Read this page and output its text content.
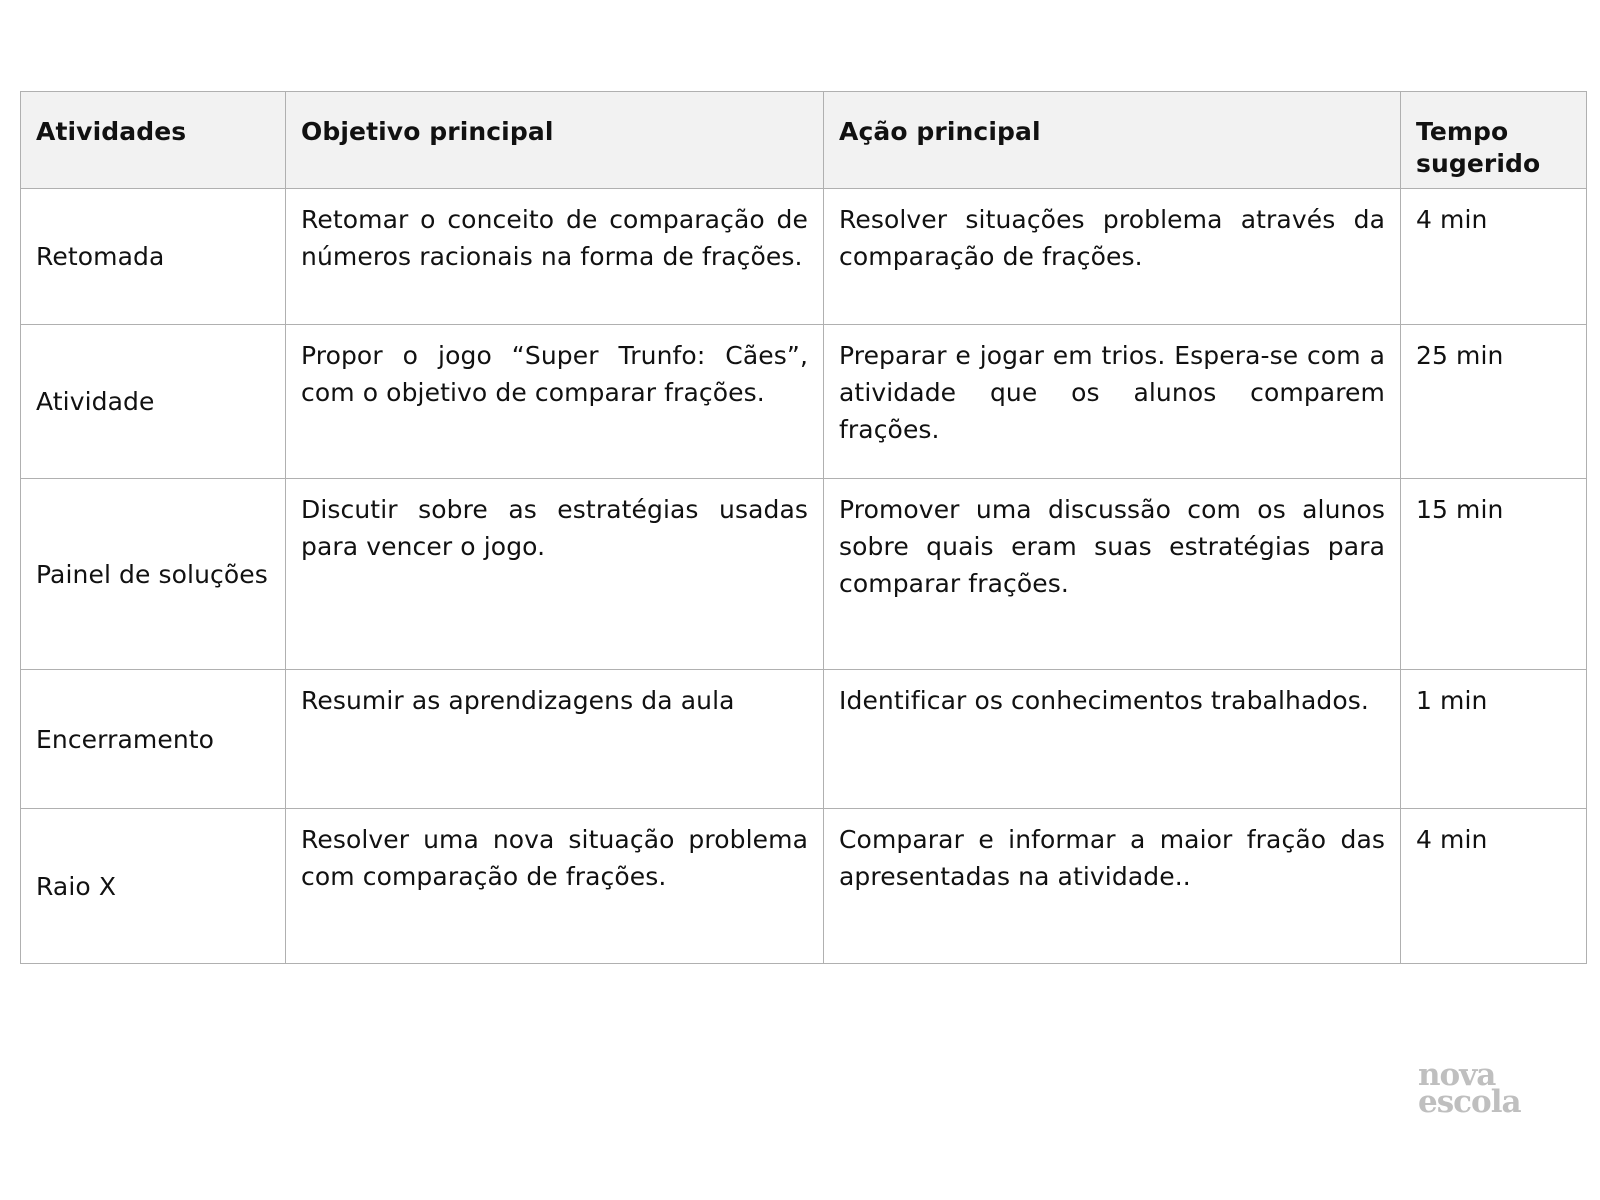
Atividades	Objetivo principal	Ação principal	Tempo sugerido
Retomada	Retomar o conceito de comparação de números racionais na forma de frações.	Resolver situações problema através da comparação de frações.	4 min
Atividade	Propor o jogo “Super Trunfo: Cães”, com o objetivo de comparar frações.	Preparar e jogar em trios. Espera-se com a atividade que os alunos comparem frações.	25 min
Painel de soluções	Discutir sobre as estratégias usadas para vencer o jogo.	Promover uma discussão com os alunos sobre quais eram suas estratégias para comparar frações.	15 min
Encerramento	Resumir as aprendizagens da aula	Identificar os conhecimentos trabalhados.	1 min
Raio X	Resolver uma nova situação problema com comparação de frações.	Comparar e informar a maior fração das apresentadas na atividade..	4 min
nova
escola
